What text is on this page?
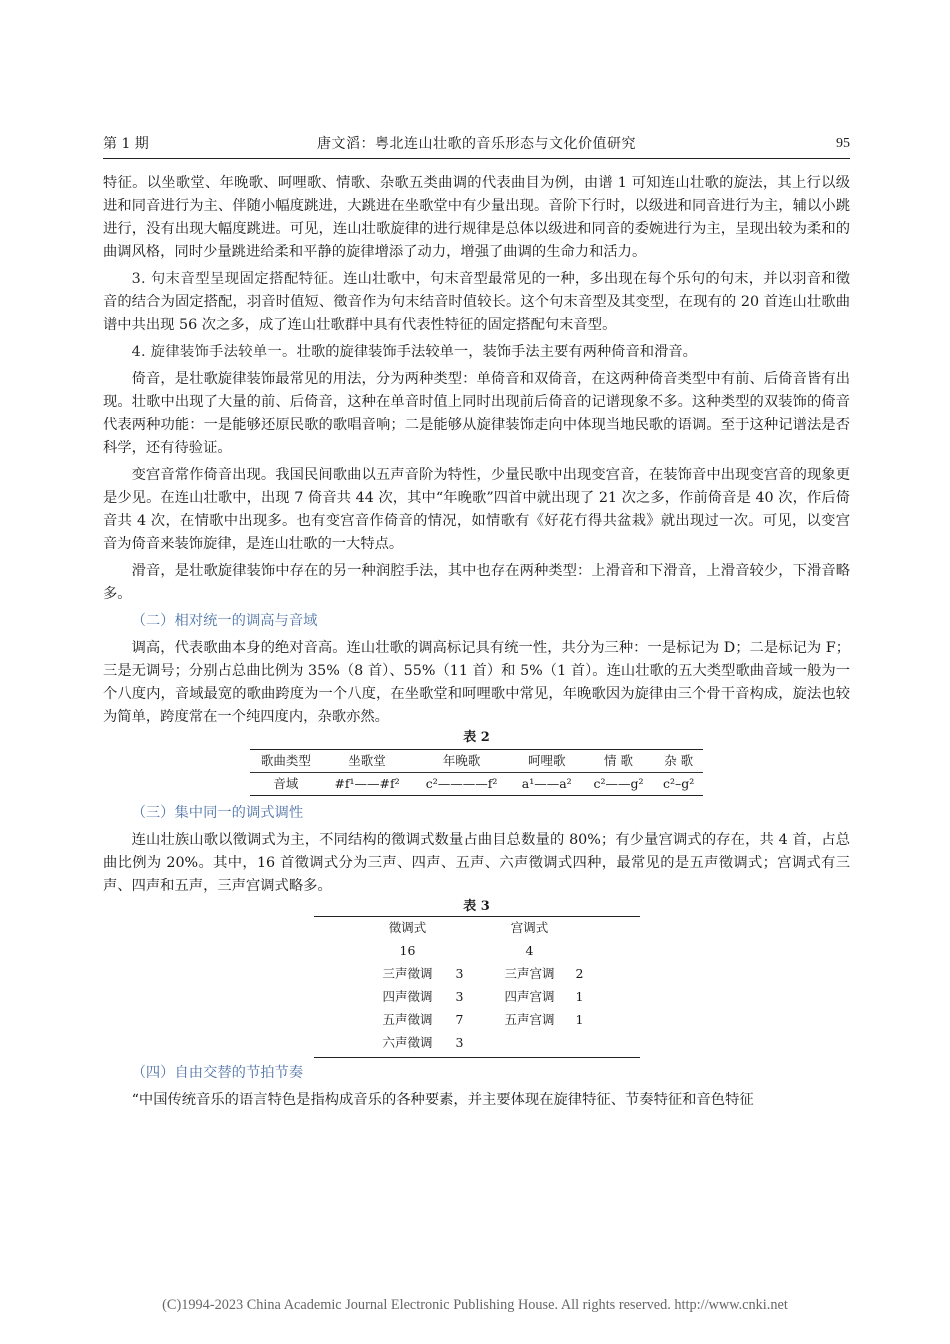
第 1 期	唐文滔：粤北连山壮歌的音乐形态与文化价值研究	95

特征。以坐歌堂、年晚歌、呵哩歌、情歌、杂歌五类曲调的代表曲目为例，由谱 1 可知连山壮歌的旋法，其上行以级进和同音进行为主、伴随小幅度跳进，大跳进在坐歌堂中有少量出现。音阶下行时，以级进和同音进行为主，辅以小跳进行，没有出现大幅度跳进。可见，连山壮歌旋律的进行规律是总体以级进和同音的委婉进行为主，呈现出较为柔和的曲调风格，同时少量跳进给柔和平静的旋律增添了动力，增强了曲调的生命力和活力。

3. 句末音型呈现固定搭配特征。连山壮歌中，句末音型最常见的一种，多出现在每个乐句的句末，并以羽音和徵音的结合为固定搭配，羽音时值短、徵音作为句末结音时值较长。这个句末音型及其变型，在现有的 20 首连山壮歌曲谱中共出现 56 次之多，成了连山壮歌群中具有代表性特征的固定搭配句末音型。

4. 旋律装饰手法较单一。壮歌的旋律装饰手法较单一，装饰手法主要有两种倚音和滑音。

倚音，是壮歌旋律装饰最常见的用法，分为两种类型：单倚音和双倚音，在这两种倚音类型中有前、后倚音皆有出现。壮歌中出现了大量的前、后倚音，这种在单音时值上同时出现前后倚音的记谱现象不多。这种类型的双装饰的倚音代表两种功能：一是能够还原民歌的歌唱音响；二是能够从旋律装饰走向中体现当地民歌的语调。至于这种记谱法是否科学，还有待验证。

变宫音常作倚音出现。我国民间歌曲以五声音阶为特性，少量民歌中出现变宫音，在装饰音中出现变宫音的现象更是少见。在连山壮歌中，出现 7 倚音共 44 次，其中“年晚歌”四首中就出现了 21 次之多，作前倚音是 40 次，作后倚音共 4 次，在情歌中出现多。也有变宫音作倚音的情况，如情歌有《好花冇得共盆栽》就出现过一次。可见，以变宫音为倚音来装饰旋律，是连山壮歌的一大特点。

滑音，是壮歌旋律装饰中存在的另一种润腔手法，其中也存在两种类型：上滑音和下滑音，上滑音较少，下滑音略多。

（二）相对统一的调高与音域

调高，代表歌曲本身的绝对音高。连山壮歌的调高标记具有统一性，共分为三种：一是标记为 D；二是标记为 F；三是无调号；分别占总曲比例为 35%（8 首）、55%（11 首）和 5%（1 首）。连山壮歌的五大类型歌曲音域一般为一个八度内，音域最宽的歌曲跨度为一个八度，在坐歌堂和呵哩歌中常见，年晚歌因为旋律由三个骨干音构成，旋法也较为简单，跨度常在一个纯四度内，杂歌亦然。

表 2
歌曲类型	坐歌堂	年晚歌	呵哩歌	情 歌	杂 歌
音域	#f¹——#f²	c²————f²	a¹——a²	c²——g²	c²–g²
（三）集中同一的调式调性

连山壮族山歌以徵调式为主，不同结构的徵调式数量占曲目总数量的 80%；有少量宫调式的存在，共 4 首，占总曲比例为 20%。其中，16 首徵调式分为三声、四声、五声、六声徵调式四种，最常见的是五声徵调式；宫调式有三声、四声和五声，三声宫调式略多。

表 3
徵调式	宫调式
16	4
三声徵调	3	三声宫调	2
四声徵调	3	四声宫调	1
五声徵调	7	五声宫调	1
六声徵调	3
（四）自由交替的节拍节奏

“中国传统音乐的语言特色是指构成音乐的各种要素，并主要体现在旋律特征、节奏特征和音色特征

(C)1994-2023 China Academic Journal Electronic Publishing House. All rights reserved. http://www.cnki.net
